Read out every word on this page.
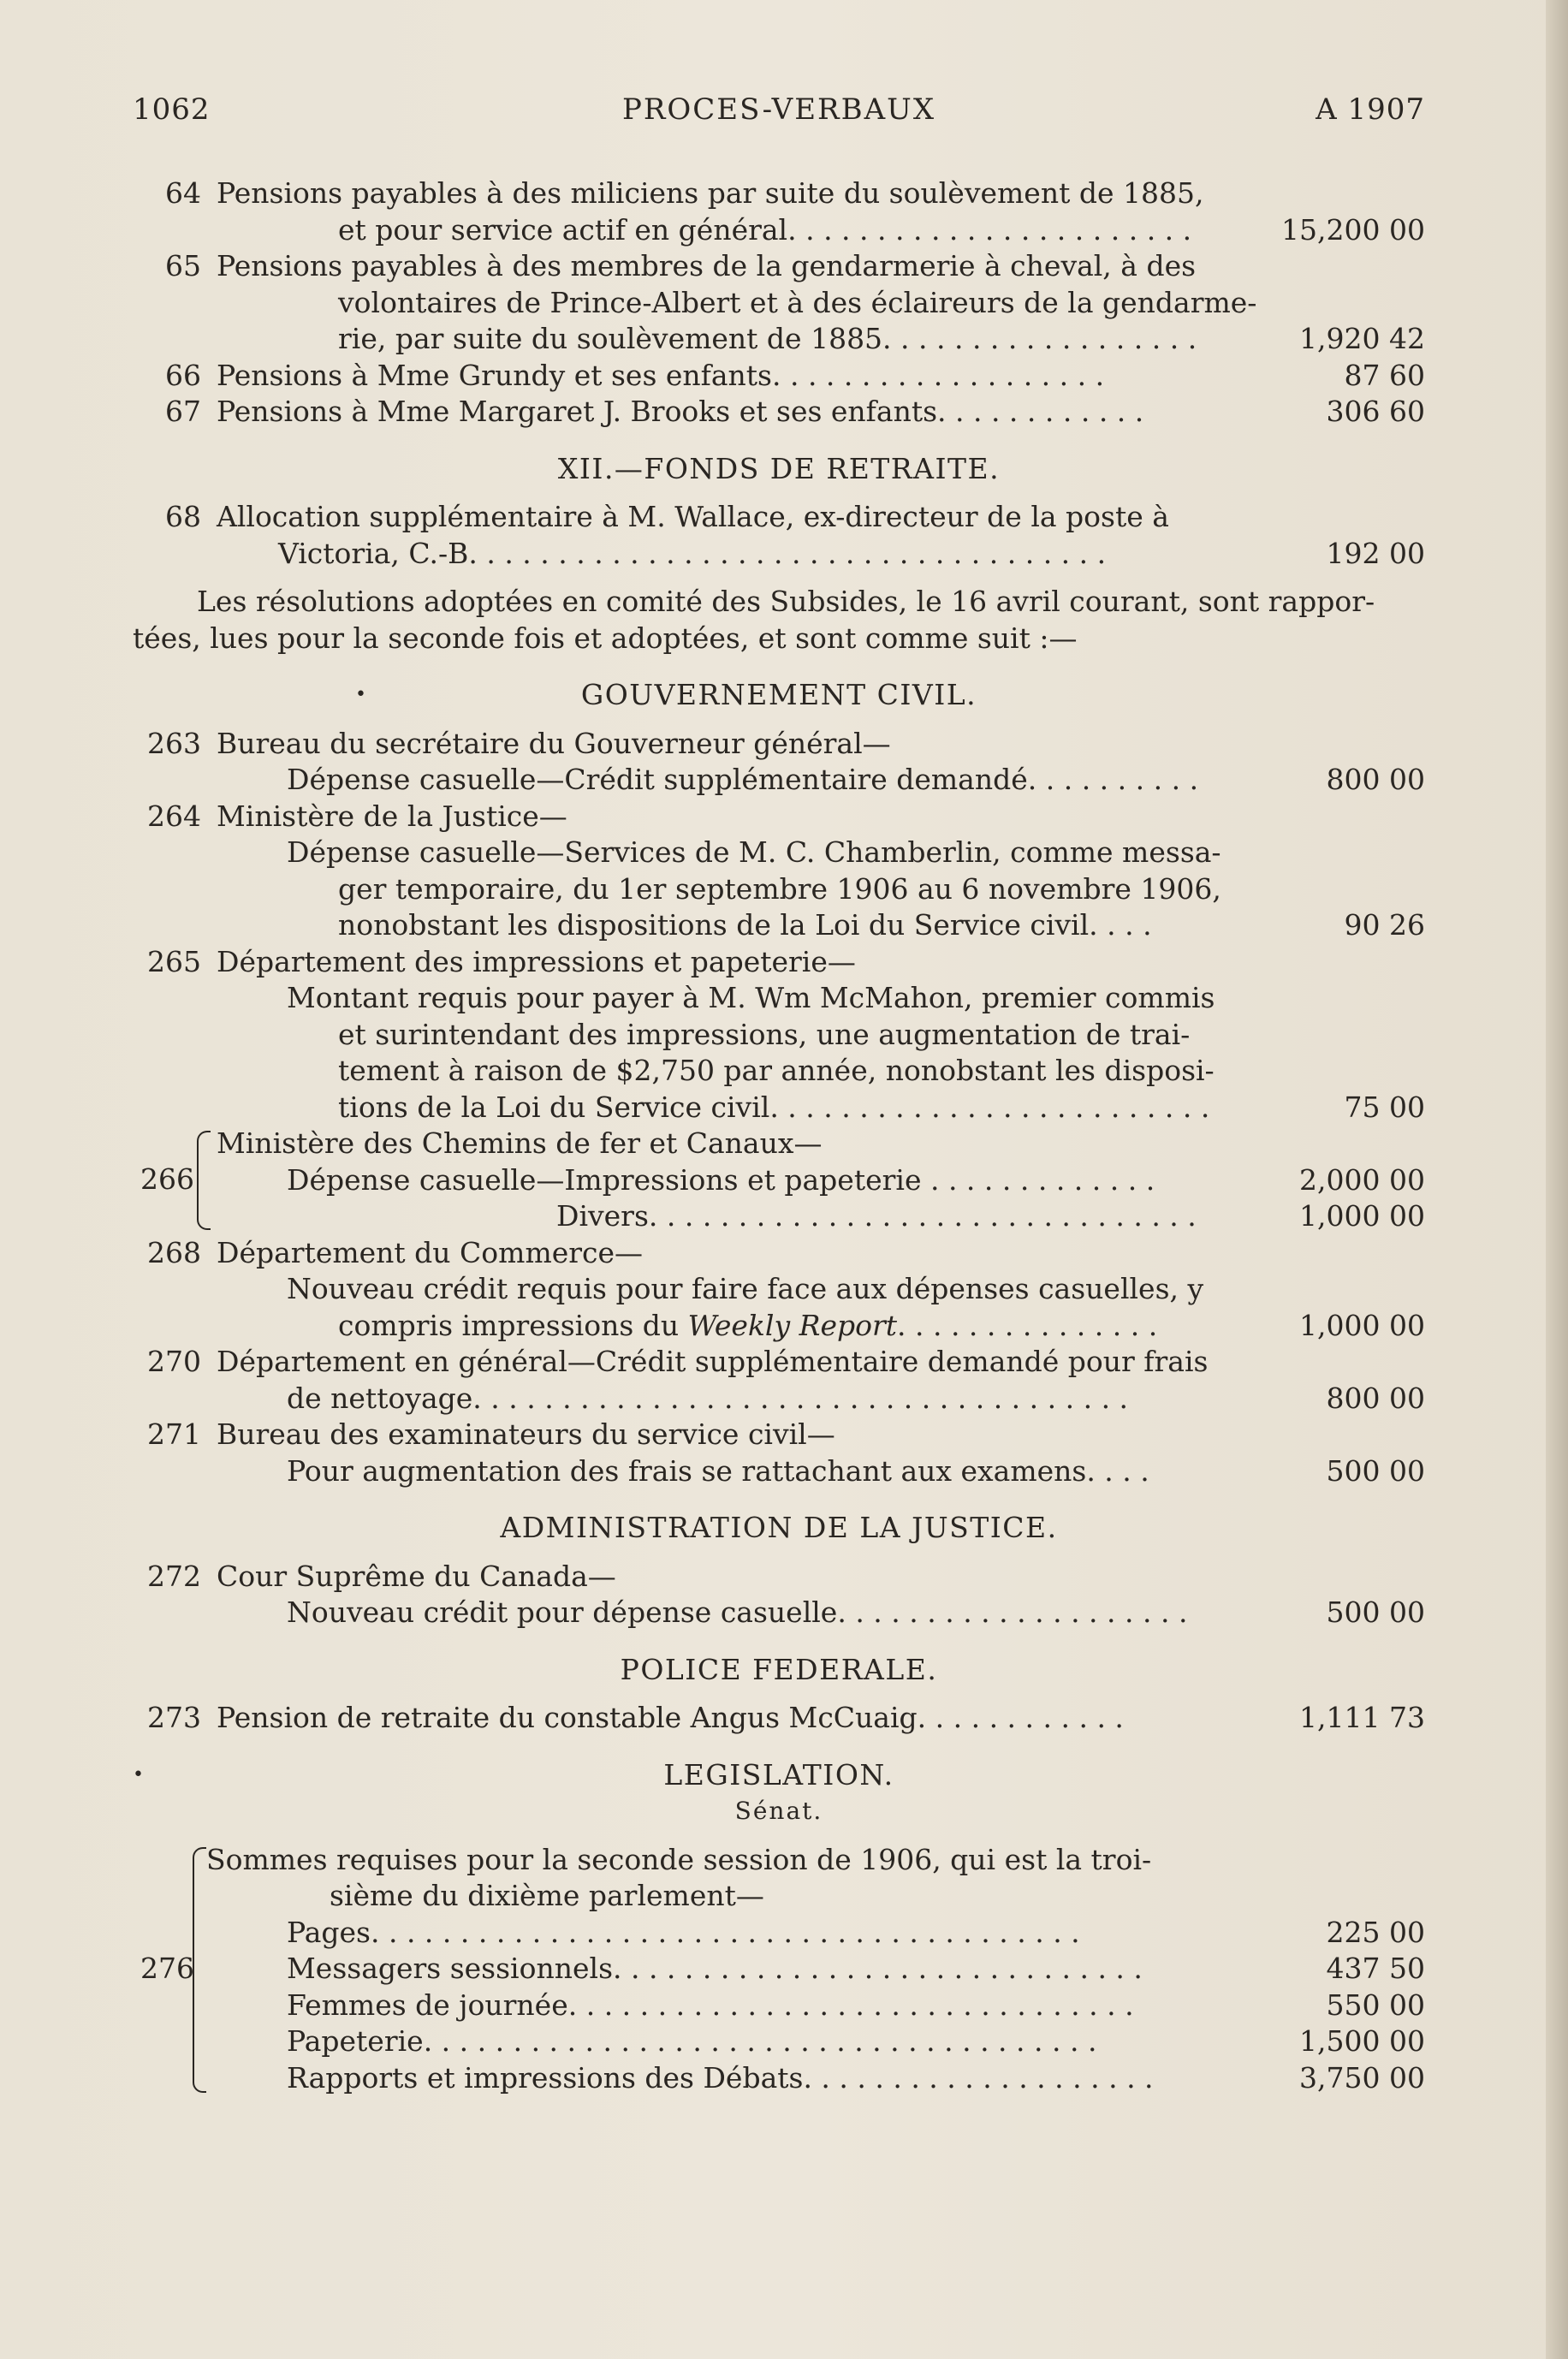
1062	PROCES-VERBAUX	A 1907
64 Pensions payables à des miliciens par suite du soulèvement de 1885,
et pour service actif en général. . . . . . . . . . . . . . . . . . . . . . .	15,200 00
65 Pensions payables à des membres de la gendarmerie à cheval, à des
volontaires de Prince-Albert et à des éclaireurs de la gendarme-
rie, par suite du soulèvement de 1885. . . . . . . . . . . . . . . . . .	1,920 42
66 Pensions à Mme Grundy et ses enfants. . . . . . . . . . . . . . . . . . .	87 60
67 Pensions à Mme Margaret J. Brooks et ses enfants. . . . . . . . . . . .	306 60
XII.—FONDS DE RETRAITE.
68 Allocation supplémentaire à M. Wallace, ex-directeur de la poste à
Victoria, C.-B. . . . . . . . . . . . . . . . . . . . . . . . . . . . . . . . . . . .	192 00
Les résolutions adoptées en comité des Subsides, le 16 avril courant, sont rappor-
tées, lues pour la seconde fois et adoptées, et sont comme suit :—
•	GOUVERNEMENT CIVIL.
263 Bureau du secrétaire du Gouverneur général—
Dépense casuelle—Crédit supplémentaire demandé. . . . . . . . . .	800 00
264 Ministère de la Justice—
Dépense casuelle—Services de M. C. Chamberlin, comme messa-
ger temporaire, du 1er septembre 1906 au 6 novembre 1906,
nonobstant les dispositions de la Loi du Service civil. . . .	90 26
265 Département des impressions et papeterie—
Montant requis pour payer à M. Wm McMahon, premier commis
et surintendant des impressions, une augmentation de trai-
tement à raison de $2,750 par année, nonobstant les disposi-
tions de la Loi du Service civil. . . . . . . . . . . . . . . . . . . . . . . . .	75 00
266
Ministère des Chemins de fer et Canaux—
Dépense casuelle—Impressions et papeterie . . . . . . . . . . . . .	2,000 00
Divers. . . . . . . . . . . . . . . . . . . . . . . . . . . . . . .	1,000 00
268 Département du Commerce—
Nouveau crédit requis pour faire face aux dépenses casuelles, y
compris impressions du Weekly Report. . . . . . . . . . . . . . .	1,000 00
270 Département en général—Crédit supplémentaire demandé pour frais
de nettoyage. . . . . . . . . . . . . . . . . . . . . . . . . . . . . . . . . . . . .	800 00
271 Bureau des examinateurs du service civil—
Pour augmentation des frais se rattachant aux examens. . . .	500 00
ADMINISTRATION DE LA JUSTICE.
272 Cour Suprême du Canada—
Nouveau crédit pour dépense casuelle. . . . . . . . . . . . . . . . . . . .	500 00
POLICE FEDERALE.
273 Pension de retraite du constable Angus McCuaig. . . . . . . . . . . .	1,111 73
•	LEGISLATION.
Sénat.
276
Sommes requises pour la seconde session de 1906, qui est la troi-
sième du dixième parlement—
Pages. . . . . . . . . . . . . . . . . . . . . . . . . . . . . . . . . . . . . . . .	225 00
Messagers sessionnels. . . . . . . . . . . . . . . . . . . . . . . . . . . . . .	437 50
Femmes de journée. . . . . . . . . . . . . . . . . . . . . . . . . . . . . . . .	550 00
Papeterie. . . . . . . . . . . . . . . . . . . . . . . . . . . . . . . . . . . . . .	1,500 00
Rapports et impressions des Débats. . . . . . . . . . . . . . . . . . . .	3,750 00
